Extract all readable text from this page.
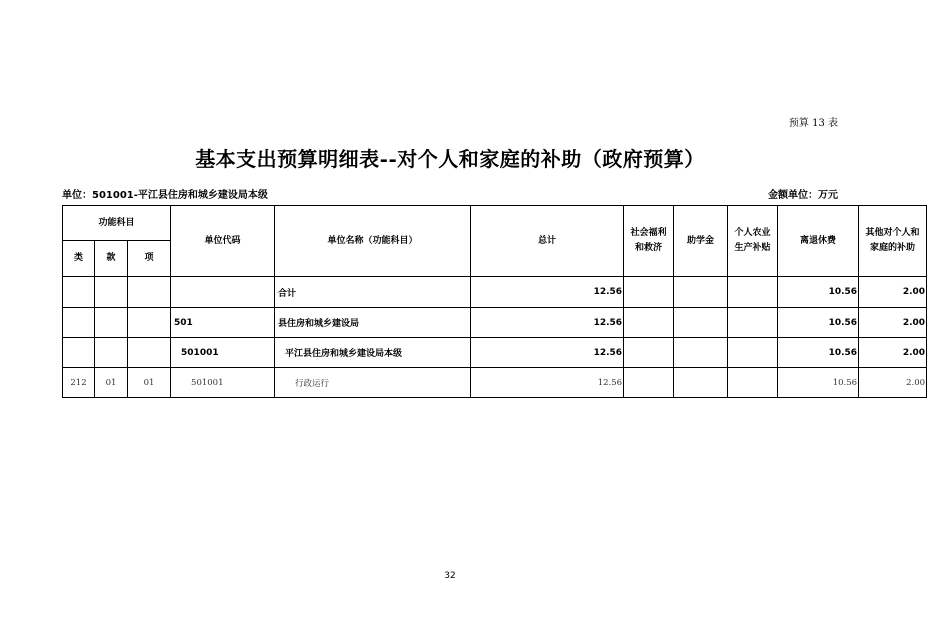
预算 13 表
基本支出预算明细表--对个人和家庭的补助（政府预算）
单位：501001-平江县住房和城乡建设局本级	金额单位：万元
功能科目			单位代码	单位名称（功能科目）	总计	社会福利和救济	助学金	个人农业生产补贴	离退休费	其他对个人和家庭的补助
类	款	项								
				合计	12.56				10.56	2.00
			501	县住房和城乡建设局	12.56				10.56	2.00
			501001	平江县住房和城乡建设局本级	12.56				10.56	2.00
212	01	01	501001	行政运行	12.56				10.56	2.00
32
